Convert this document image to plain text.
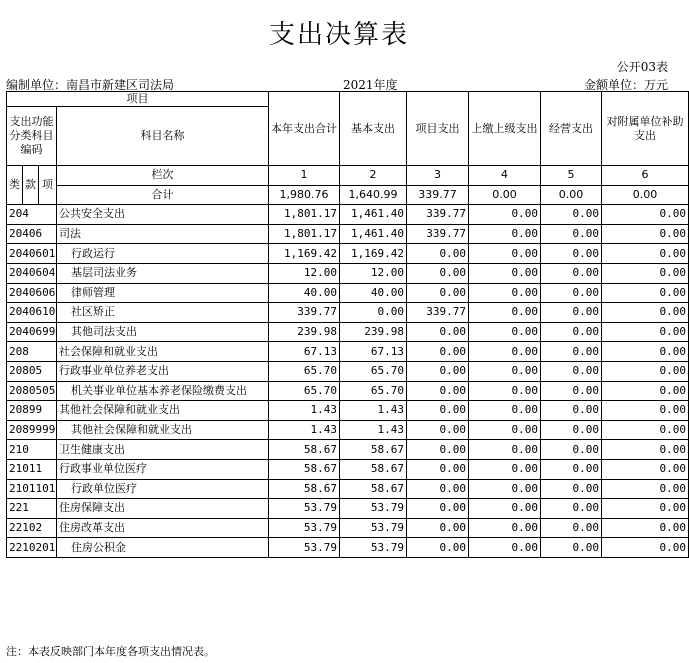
支出决算表
公开03表
编制单位：南昌市新建区司法局	2021年度	金额单位：万元
项目				本年支出合计	基本支出	项目支出	上缴上级支出	经营支出	对附属单位补助支出
支出功能分类科目编码			科目名称						

类	款	项	栏次	1	2	3	4	5	6
			合计	1,980.76	1,640.99	339.77	0.00	0.00	0.00
204			公共安全支出	1,801.17	1,461.40	339.77	0.00	0.00	0.00
20406			司法	1,801.17	1,461.40	339.77	0.00	0.00	0.00
2040601			行政运行	1,169.42	1,169.42	0.00	0.00	0.00	0.00
2040604			基层司法业务	12.00	12.00	0.00	0.00	0.00	0.00
2040606			律师管理	40.00	40.00	0.00	0.00	0.00	0.00
2040610			社区矫正	339.77	0.00	339.77	0.00	0.00	0.00
2040699			其他司法支出	239.98	239.98	0.00	0.00	0.00	0.00
208			社会保障和就业支出	67.13	67.13	0.00	0.00	0.00	0.00
20805			行政事业单位养老支出	65.70	65.70	0.00	0.00	0.00	0.00
2080505			机关事业单位基本养老保险缴费支出	65.70	65.70	0.00	0.00	0.00	0.00
20899			其他社会保障和就业支出	1.43	1.43	0.00	0.00	0.00	0.00
2089999			其他社会保障和就业支出	1.43	1.43	0.00	0.00	0.00	0.00
210			卫生健康支出	58.67	58.67	0.00	0.00	0.00	0.00
21011			行政事业单位医疗	58.67	58.67	0.00	0.00	0.00	0.00
2101101			行政单位医疗	58.67	58.67	0.00	0.00	0.00	0.00
221			住房保障支出	53.79	53.79	0.00	0.00	0.00	0.00
22102			住房改革支出	53.79	53.79	0.00	0.00	0.00	0.00
2210201			住房公积金	53.79	53.79	0.00	0.00	0.00	0.00
注：本表反映部门本年度各项支出情况表。
